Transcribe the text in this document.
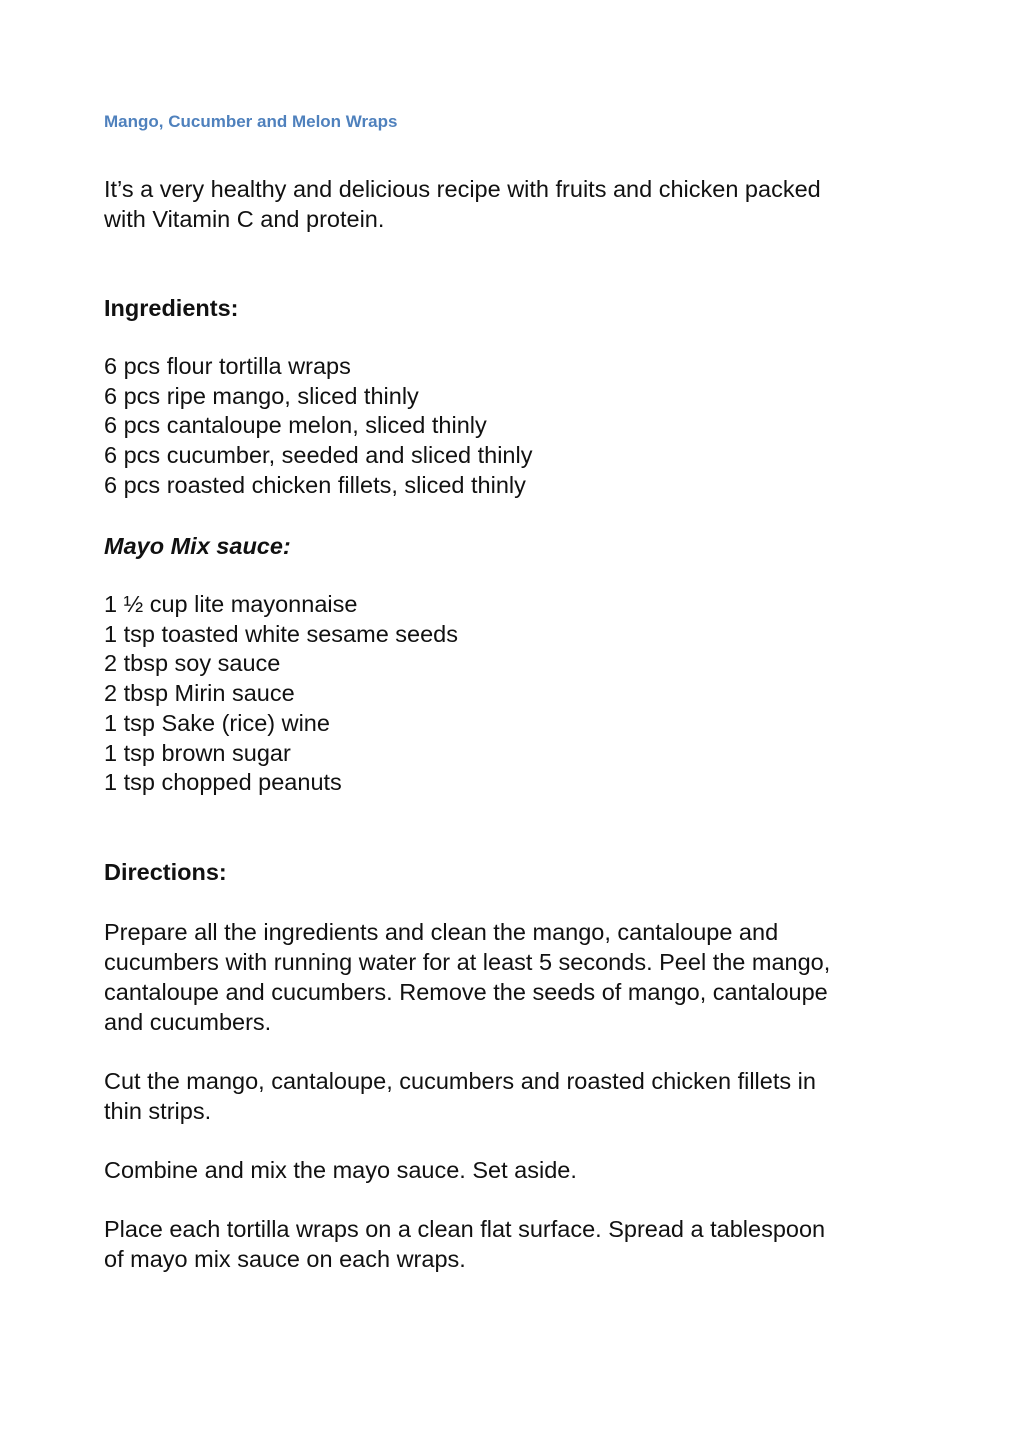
Mango, Cucumber and Melon Wraps

It’s a very healthy and delicious recipe with fruits and chicken packed

with Vitamin C and protein.

Ingredients:

6 pcs flour tortilla wraps
6 pcs ripe mango, sliced thinly
6 pcs cantaloupe melon, sliced thinly
6 pcs cucumber, seeded and sliced thinly
6 pcs roasted chicken fillets, sliced thinly

Mayo Mix sauce:

1 ½ cup lite mayonnaise
1 tsp toasted white sesame seeds
2 tbsp soy sauce
2 tbsp Mirin sauce
1 tsp Sake (rice) wine
1 tsp brown sugar
1 tsp chopped peanuts

Directions:

Prepare all the ingredients and clean the mango, cantaloupe and

cucumbers with running water for at least 5 seconds. Peel the mango,

cantaloupe and cucumbers. Remove the seeds of mango, cantaloupe

and cucumbers.

Cut the mango, cantaloupe, cucumbers and roasted chicken fillets in

thin strips.

Combine and mix the mayo sauce. Set aside.

Place each tortilla wraps on a clean flat surface. Spread a tablespoon

of mayo mix sauce on each wraps.
